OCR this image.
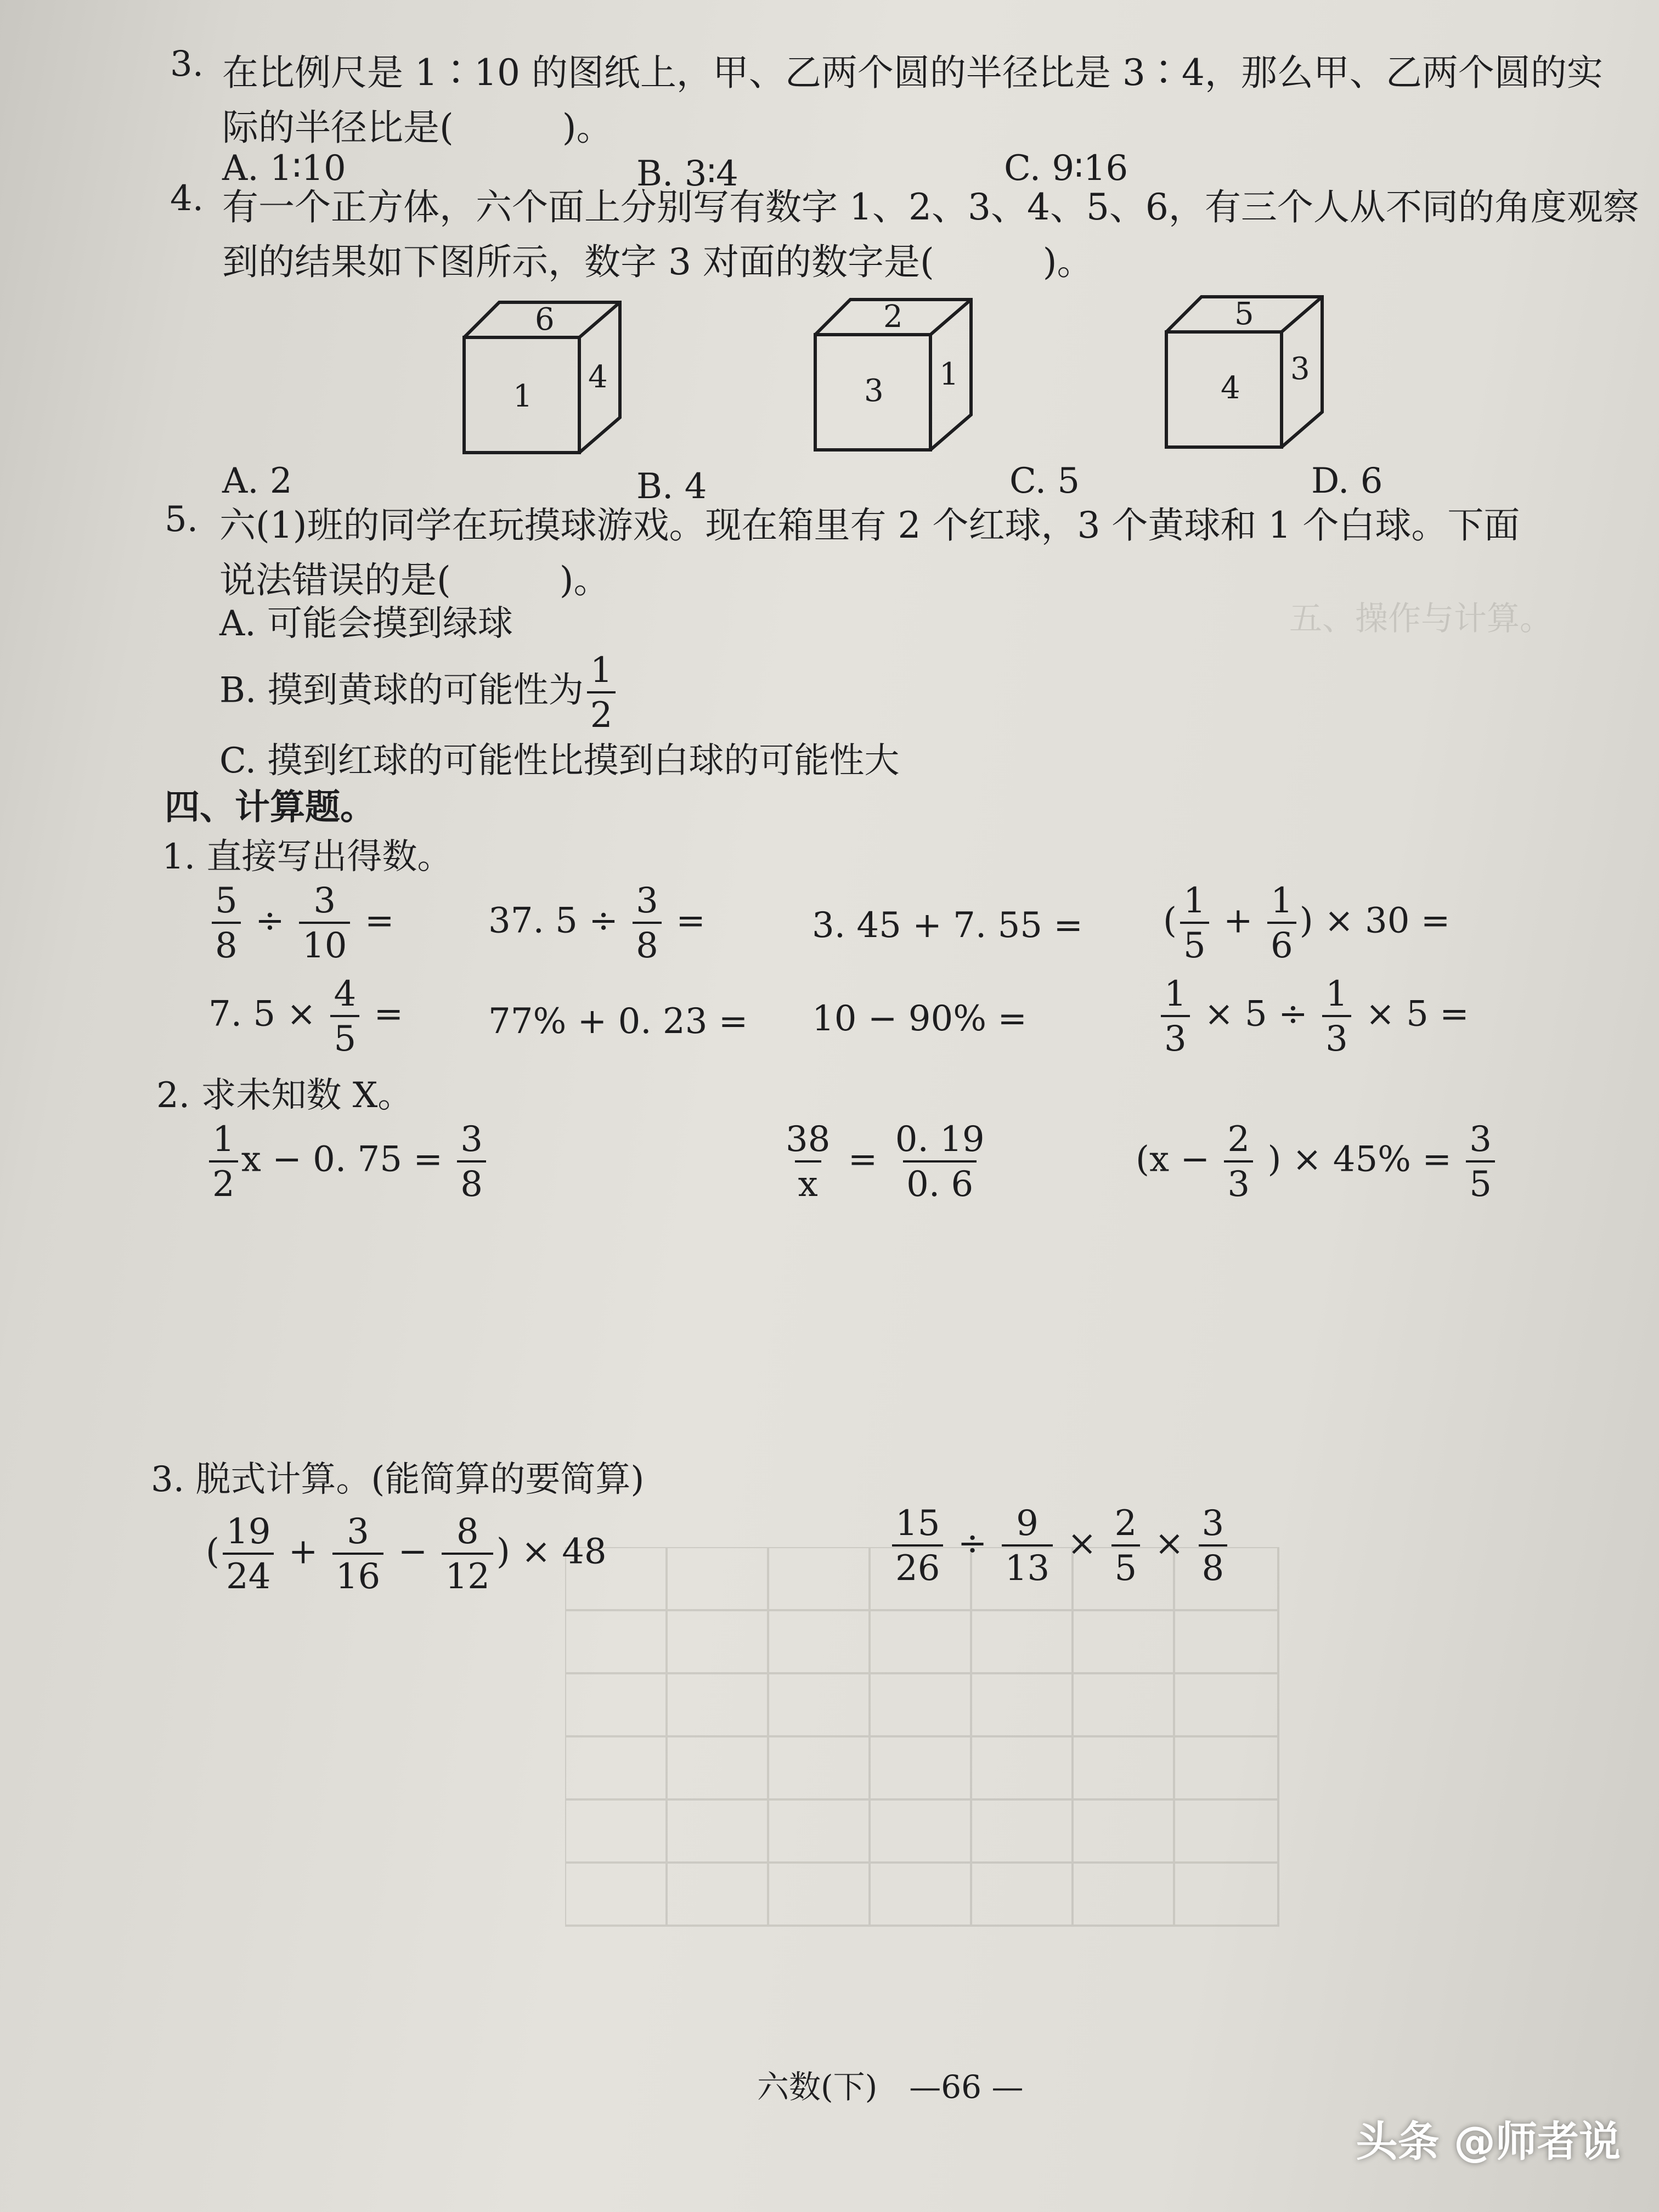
五、操作与计算。
3. 在比例尺是 1∶10 的图纸上，甲、乙两个圆的半径比是 3∶4，那么甲、乙两个圆的实
际的半径比是(　　　)。
A. 1∶10	B. 3∶4	C. 9∶16
4. 有一个正方体，六个面上分别写有数字 1、2、3、4、5、6，有三个人从不同的角度观察
到的结果如下图所示，数字 3 对面的数字是(　　　)。
6
1
4
2
3 1
5
4
3
A. 2	B. 4	C. 5	D. 6
5. 六(1)班的同学在玩摸球游戏。现在箱里有 2 个红球，3 个黄球和 1 个白球。下面
说法错误的是(　　　)。
A. 可能会摸到绿球
B. 摸到黄球的可能性为 $\frac{1}{2}$
C. 摸到红球的可能性比摸到白球的可能性大
四、计算题。
1. 直接写出得数。
$\frac{5}{8} \div \frac{3}{10}$ =	37. $5 \div \frac{3}{8}$ =	3. 45 + 7. 55 = ( $\frac{1}{5} + \frac{1}{6}$ ) × 30 =
7. $5 \times \frac{4}{5} = 77\% + 0$. 23 = 10 − 90% =	$\frac{1}{3} \times 5 \div \frac{1}{3} \times 5$ =
2. 求未知数 X。
$\frac{1}{2}$ x − 0. $75 = \frac{3}{8}$	$\frac{38}{x} = \frac{0. 19}{0. 6}$	($x - \frac{2}{3}$ ) × $45\% = \frac{3}{5}$
3. 脱式计算。(能简算的要简算)
( $\frac{19}{24} + \frac{3}{16} - \frac{8}{12}$ ) × 48	$\frac{15}{26} \div \frac{9}{13} \times \frac{2}{5} \times \frac{3}{8}$
六数(下)　—66 —
头条 @师者说
